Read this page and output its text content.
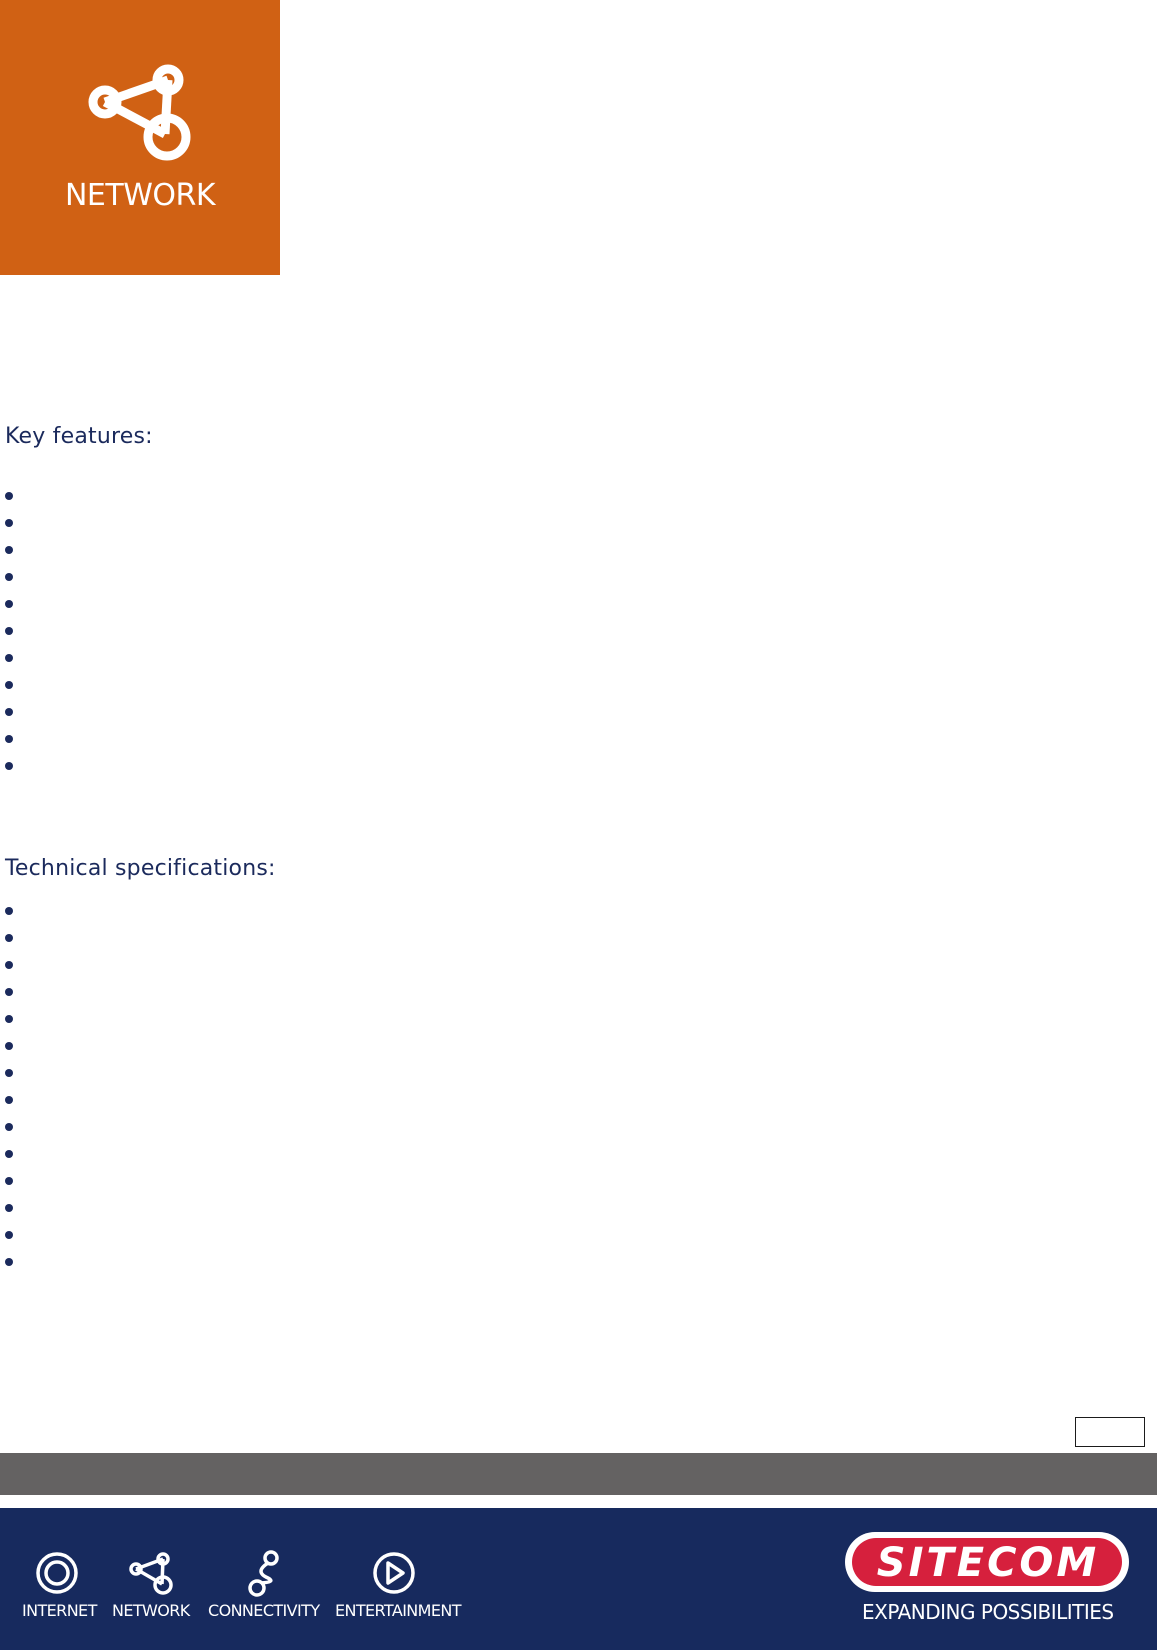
NETWORK
Key features:
Technical specifications:
INTERNET NETWORK CONNECTIVITY ENTERTAINMENT
SITECOM
EXPANDING POSSIBILITIES
